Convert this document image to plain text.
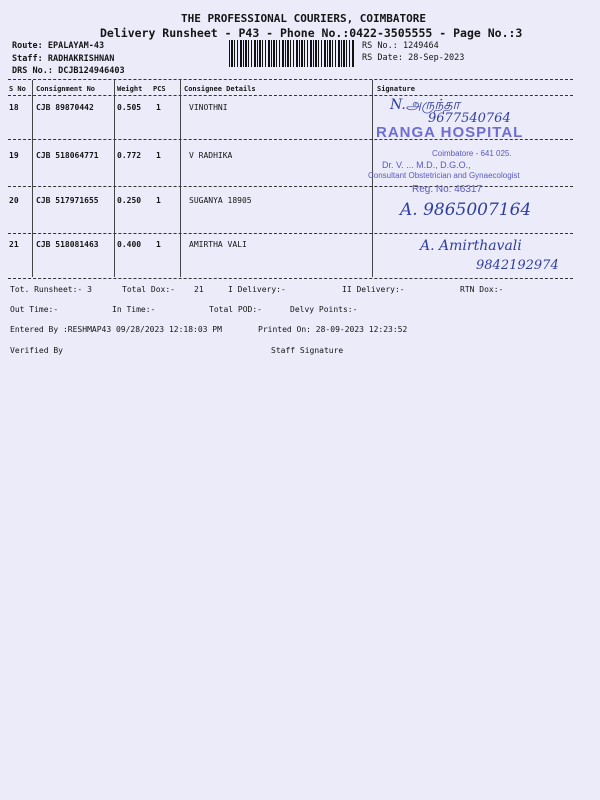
THE PROFESSIONAL COURIERS, COIMBATORE
Delivery Runsheet - P43 - Phone No.:0422-3505555 - Page No.:3
Route: EPALAYAM-43
Staff: RADHAKRISHNAN
DRS No.: DCJB124946403
RS No.: 1249464
RS Date: 28-Sep-2023
S No Consignment No	Weight PCS	Consignee Details	Signature
18 CJB 89870442	0.505 1	VINOTHNI
19 CJB 518064771 0.772 1	V RADHIKA
20 CJB 517971655 0.250 1	SUGANYA 18905
21 CJB 518081463 0.400 1	AMIRTHA VALI
N.அருந்தா
9677540764
RANGA HOSPITAL
Coimbatore - 641 025.
Dr. V. ... M.D., D.G.O.,
Consultant Obstetrician and Gynaecologist
Reg. No: 46317
A. 9865007164
A. Amirthavali
9842192974
Tot. Runsheet:- 3	Total Dox:- 21	I Delivery:-	II Delivery:-	RTN Dox:-
Out Time:-	In Time:-	Total POD:-	Delvy Points:-
Entered By :RESHMAP43 09/28/2023 12:18:03 PM	Printed On: 28-09-2023 12:23:52
Verified By	Staff Signature
